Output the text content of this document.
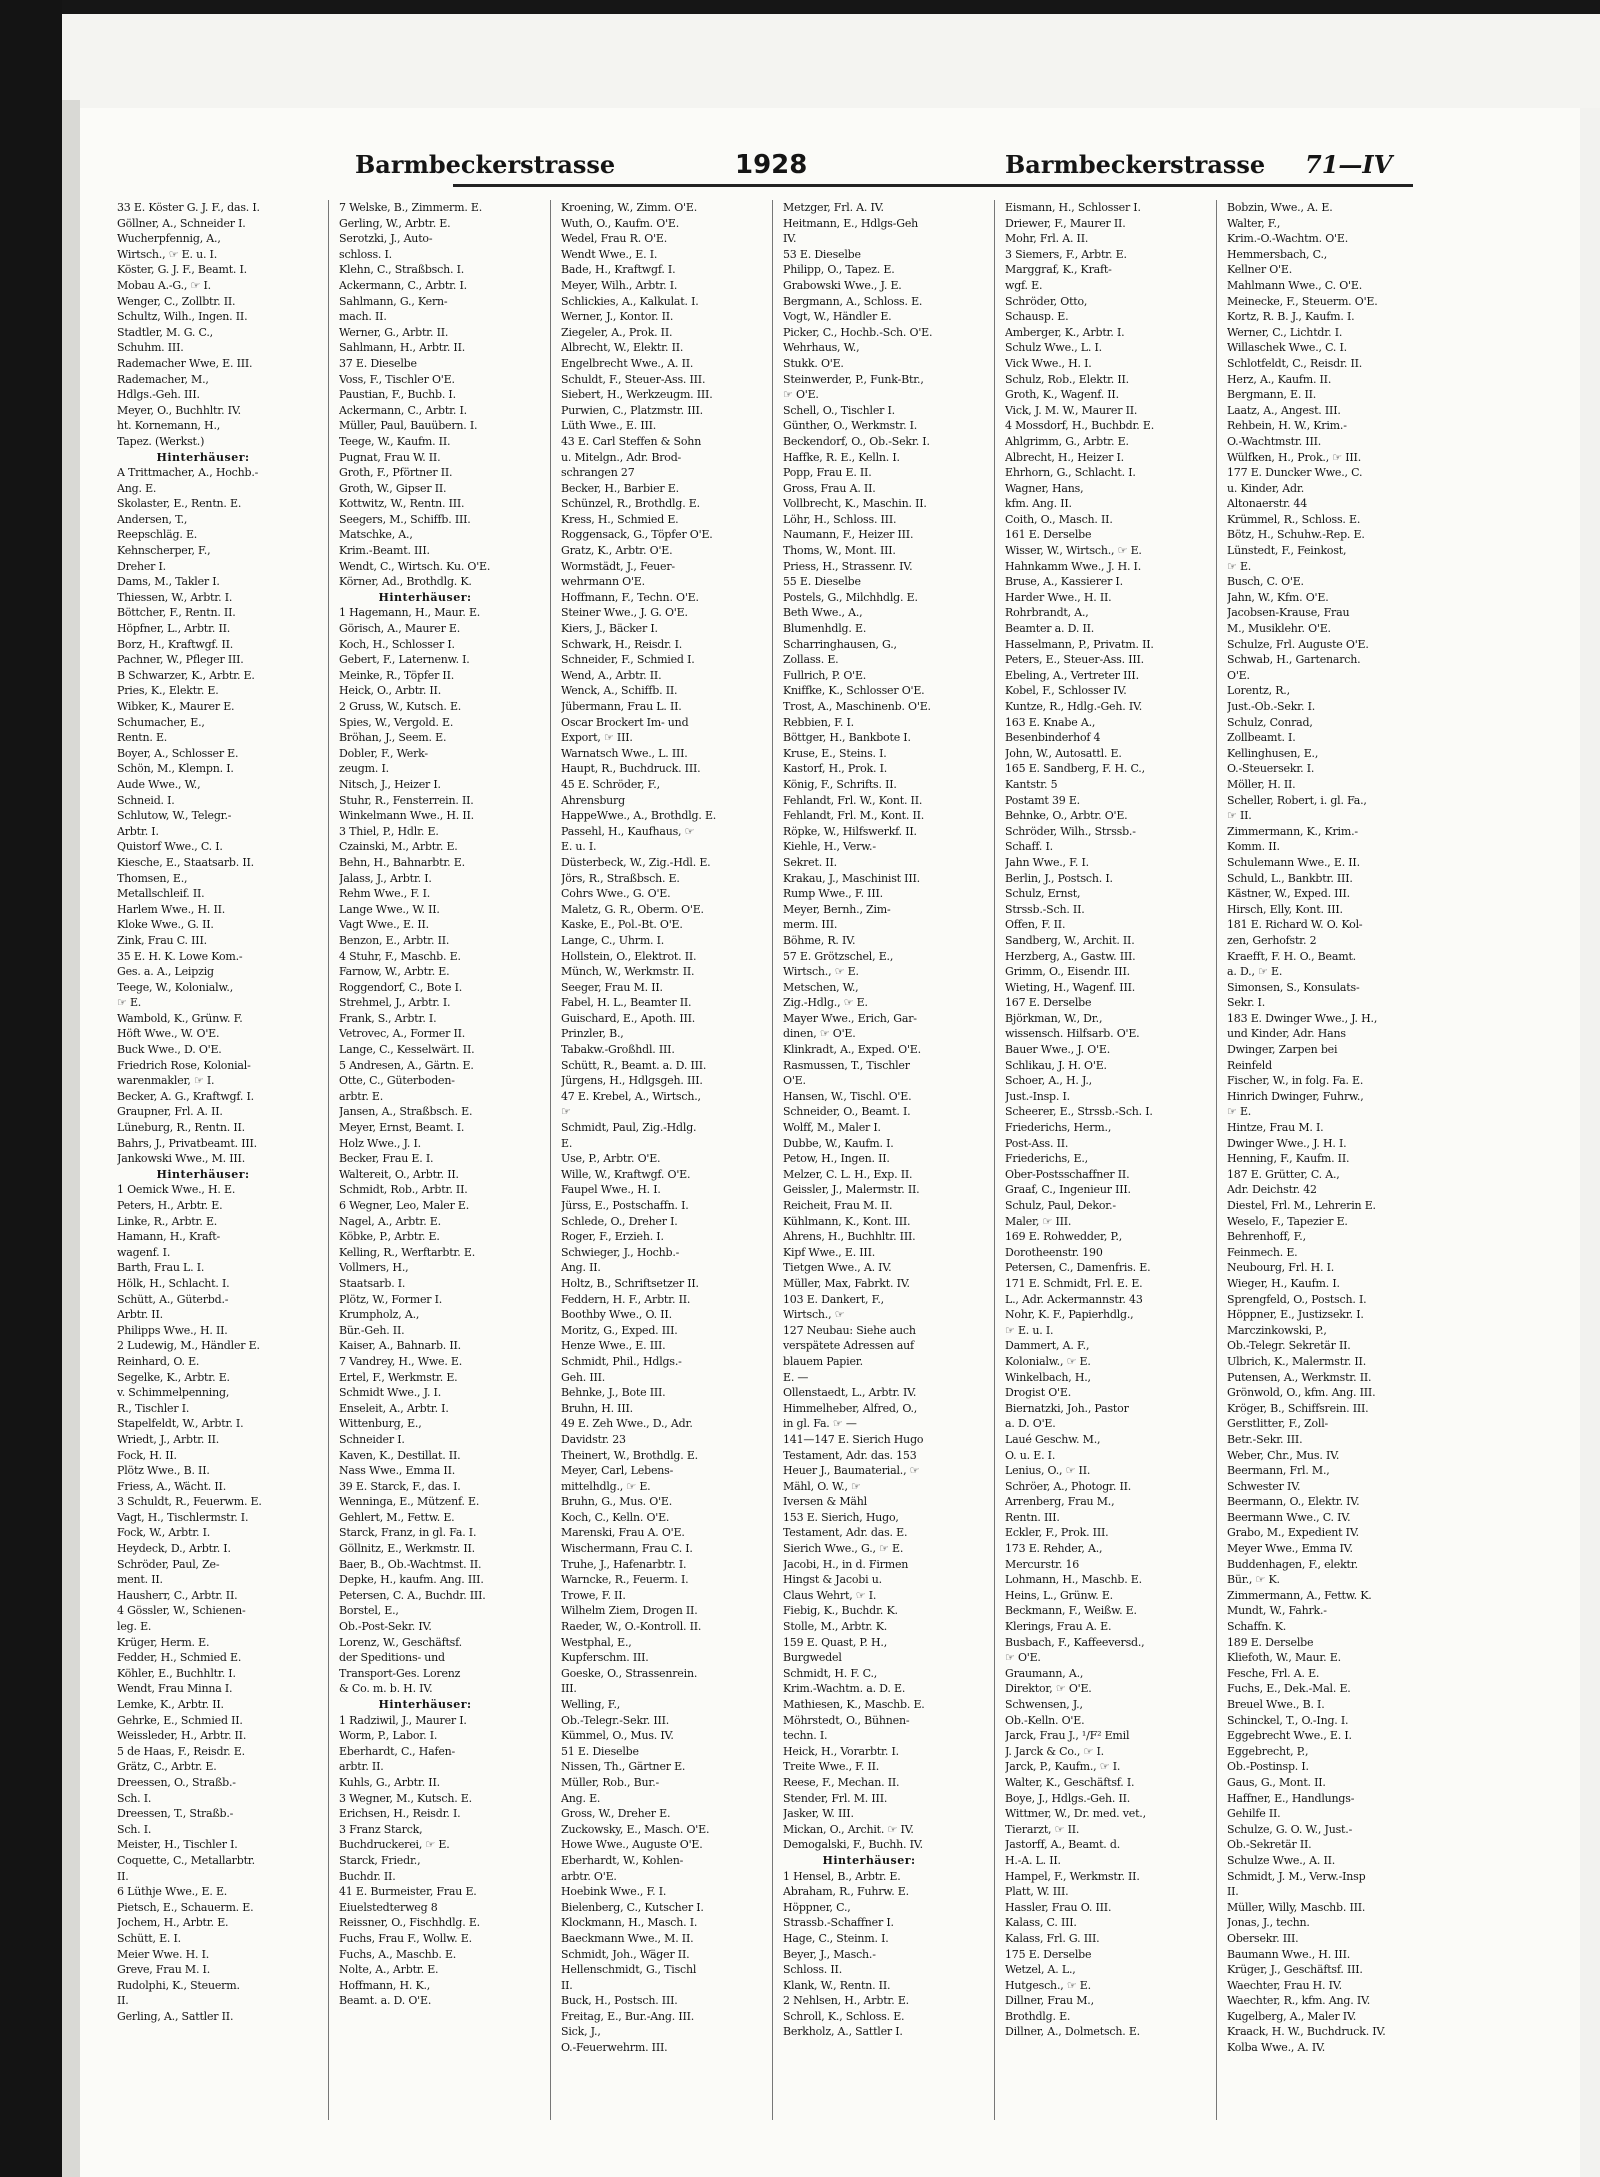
Barmbeckerstrasse	1928	Barmbeckerstrasse 71—IV
33 E. Köster G. J. F., das. I.
Göllner, A., Schneider I.
Wucherpfennig, A.,
Wirtsch., ☞ E. u. I.
Köster, G. J. F., Beamt. I.
Mobau A.-G., ☞ I.
Wenger, C., Zollbtr. II.
Schultz, Wilh., Ingen. II.
Stadtler, M. G. C.,
Schuhm. III.
Rademacher Wwe, E. III.
Rademacher, M.,
Hdlgs.-Geh. III.
Meyer, O., Buchhltr. IV.
ht. Kornemann, H.,
Tapez. (Werkst.)
Hinterhäuser:
A Trittmacher, A., Hochb.-
Ang. E.
Skolaster, E., Rentn. E.
Andersen, T.,
Reepschläg. E.
Kehnscherper, F.,
Dreher I.
Dams, M., Takler I.
Thiessen, W., Arbtr. I.
Böttcher, F., Rentn. II.
Höpfner, L., Arbtr. II.
Borz, H., Kraftwgf. II.
Pachner, W., Pfleger III.
B Schwarzer, K., Arbtr. E.
Pries, K., Elektr. E.
Wibker, K., Maurer E.
Schumacher, E.,
Rentn. E.
Boyer, A., Schlosser E.
Schön, M., Klempn. I.
Aude Wwe., W.,
Schneid. I.
Schlutow, W., Telegr.-
Arbtr. I.
Quistorf Wwe., C. I.
Kiesche, E., Staatsarb. II.
Thomsen, E.,
Metallschleif. II.
Harlem Wwe., H. II.
Kloke Wwe., G. II.
Zink, Frau C. III.
35 E. H. K. Lowe Kom.-
Ges. a. A., Leipzig
Teege, W., Kolonialw.,
☞ E.
Wambold, K., Grünw. F.
Höft Wwe., W. O'E.
Buck Wwe., D. O'E.
Friedrich Rose, Kolonial-
warenmakler, ☞ I.
Becker, A. G., Kraftwgf. I.
Graupner, Frl. A. II.
Lüneburg, R., Rentn. II.
Bahrs, J., Privatbeamt. III.
Jankowski Wwe., M. III.
Hinterhäuser:
1 Oemick Wwe., H. E.
Peters, H., Arbtr. E.
Linke, R., Arbtr. E.
Hamann, H., Kraft-
wagenf. I.
Barth, Frau L. I.
Hölk, H., Schlacht. I.
Schütt, A., Güterbd.-
Arbtr. II.
Philipps Wwe., H. II.
2 Ludewig, M., Händler E.
Reinhard, O. E.
Segelke, K., Arbtr. E.
v. Schimmelpenning,
R., Tischler I.
Stapelfeldt, W., Arbtr. I.
Wriedt, J., Arbtr. II.
Fock, H. II.
Plötz Wwe., B. II.
Friess, A., Wächt. II.
3 Schuldt, R., Feuerwm. E.
Vagt, H., Tischlermstr. I.
Fock, W., Arbtr. I.
Heydeck, D., Arbtr. I.
Schröder, Paul, Ze-
ment. II.
Hausherr, C., Arbtr. II.
4 Gössler, W., Schienen-
leg. E.
Krüger, Herm. E.
Fedder, H., Schmied E.
Köhler, E., Buchhltr. I.
Wendt, Frau Minna I.
Lemke, K., Arbtr. II.
Gehrke, E., Schmied II.
Weissleder, H., Arbtr. II.
5 de Haas, F., Reisdr. E.
Grätz, C., Arbtr. E.
Dreessen, O., Straßb.-
Sch. I.
Dreessen, T., Straßb.-
Sch. I.
Meister, H., Tischler I.
Coquette, C., Metallarbtr.
II.
6 Lüthje Wwe., E. E.
Pietsch, E., Schauerm. E.
Jochem, H., Arbtr. E.
Schütt, E. I.
Meier Wwe. H. I.
Greve, Frau M. I.
Rudolphi, K., Steuerm.
II.
Gerling, A., Sattler II.
7 Welske, B., Zimmerm. E.
Gerling, W., Arbtr. E.
Serotzki, J., Auto-
schloss. I.
Klehn, C., Straßbsch. I.
Ackermann, C., Arbtr. I.
Sahlmann, G., Kern-
mach. II.
Werner, G., Arbtr. II.
Sahlmann, H., Arbtr. II.
37 E. Dieselbe
Voss, F., Tischler O'E.
Paustian, F., Buchb. I.
Ackermann, C., Arbtr. I.
Müller, Paul, Bauübern. I.
Teege, W., Kaufm. II.
Pugnat, Frau W. II.
Groth, F., Pförtner II.
Groth, W., Gipser II.
Kottwitz, W., Rentn. III.
Seegers, M., Schiffb. III.
Matschke, A.,
Krim.-Beamt. III.
Wendt, C., Wirtsch. Ku. O'E.
Körner, Ad., Brothdlg. K.
Hinterhäuser:
1 Hagemann, H., Maur. E.
Görisch, A., Maurer E.
Koch, H., Schlosser I.
Gebert, F., Laternenw. I.
Meinke, R., Töpfer II.
Heick, O., Arbtr. II.
2 Gruss, W., Kutsch. E.
Spies, W., Vergold. E.
Bröhan, J., Seem. E.
Dobler, F., Werk-
zeugm. I.
Nitsch, J., Heizer I.
Stuhr, R., Fensterrein. II.
Winkelmann Wwe., H. II.
3 Thiel, P., Hdlr. E.
Czainski, M., Arbtr. E.
Behn, H., Bahnarbtr. E.
Jalass, J., Arbtr. I.
Rehm Wwe., F. I.
Lange Wwe., W. II.
Vagt Wwe., E. II.
Benzon, E., Arbtr. II.
4 Stuhr, F., Maschb. E.
Farnow, W., Arbtr. E.
Roggendorf, C., Bote I.
Strehmel, J., Arbtr. I.
Frank, S., Arbtr. I.
Vetrovec, A., Former II.
Lange, C., Kesselwärt. II.
5 Andresen, A., Gärtn. E.
Otte, C., Güterboden-
arbtr. E.
Jansen, A., Straßbsch. E.
Meyer, Ernst, Beamt. I.
Holz Wwe., J. I.
Becker, Frau E. I.
Waltereit, O., Arbtr. II.
Schmidt, Rob., Arbtr. II.
6 Wegner, Leo, Maler E.
Nagel, A., Arbtr. E.
Köbke, P., Arbtr. E.
Kelling, R., Werftarbtr. E.
Vollmers, H.,
Staatsarb. I.
Plötz, W., Former I.
Krumpholz, A.,
Bür.-Geh. II.
Kaiser, A., Bahnarb. II.
7 Vandrey, H., Wwe. E.
Ertel, F., Werkmstr. E.
Schmidt Wwe., J. I.
Enseleit, A., Arbtr. I.
Wittenburg, E.,
Schneider I.
Kaven, K., Destillat. II.
Nass Wwe., Emma II.
39 E. Starck, F., das. I.
Wenninga, E., Mützenf. E.
Gehlert, M., Fettw. E.
Starck, Franz, in gl. Fa. I.
Göllnitz, E., Werkmstr. II.
Baer, B., Ob.-Wachtmst. II.
Depke, H., kaufm. Ang. III.
Petersen, C. A., Buchdr. III.
Borstel, E.,
Ob.-Post-Sekr. IV.
Lorenz, W., Geschäftsf.
der Speditions- und
Transport-Ges. Lorenz
& Co. m. b. H. IV.
Hinterhäuser:
1 Radziwil, J., Maurer I.
Worm, P., Labor. I.
Eberhardt, C., Hafen-
arbtr. II.
Kuhls, G., Arbtr. II.
3 Wegner, M., Kutsch. E.
Erichsen, H., Reisdr. I.
3 Franz Starck,
Buchdruckerei, ☞ E.
Starck, Friedr.,
Buchdr. II.
41 E. Burmeister, Frau E.
Eiuelstedterweg 8
Reissner, O., Fischhdlg. E.
Fuchs, Frau F., Wollw. E.
Fuchs, A., Maschb. E.
Nolte, A., Arbtr. E.
Hoffmann, H. K.,
Beamt. a. D. O'E.
Kroening, W., Zimm. O'E.
Wuth, O., Kaufm. O'E.
Wedel, Frau R. O'E.
Wendt Wwe., E. I.
Bade, H., Kraftwgf. I.
Meyer, Wilh., Arbtr. I.
Schlickies, A., Kalkulat. I.
Werner, J., Kontor. II.
Ziegeler, A., Prok. II.
Albrecht, W., Elektr. II.
Engelbrecht Wwe., A. II.
Schuldt, F., Steuer-Ass. III.
Siebert, H., Werkzeugm. III.
Purwien, C., Platzmstr. III.
Lüth Wwe., E. III.
43 E. Carl Steffen & Sohn
u. Mitelgn., Adr. Brod-
schrangen 27
Becker, H., Barbier E.
Schünzel, R., Brothdlg. E.
Kress, H., Schmied E.
Roggensack, G., Töpfer O'E.
Gratz, K., Arbtr. O'E.
Wormstädt, J., Feuer-
wehrmann O'E.
Hoffmann, F., Techn. O'E.
Steiner Wwe., J. G. O'E.
Kiers, J., Bäcker I.
Schwark, H., Reisdr. I.
Schneider, F., Schmied I.
Wend, A., Arbtr. II.
Wenck, A., Schiffb. II.
Jübermann, Frau L. II.
Oscar Brockert Im- und
Export, ☞ III.
Warnatsch Wwe., L. III.
Haupt, R., Buchdruck. III.
45 E. Schröder, F.,
Ahrensburg
HappeWwe., A., Brothdlg. E.
Passehl, H., Kaufhaus, ☞
E. u. I.
Düsterbeck, W., Zig.-Hdl. E.
Jörs, R., Straßbsch. E.
Cohrs Wwe., G. O'E.
Maletz, G. R., Oberm. O'E.
Kaske, E., Pol.-Bt. O'E.
Lange, C., Uhrm. I.
Hollstein, O., Elektrot. II.
Münch, W., Werkmstr. II.
Seeger, Frau M. II.
Fabel, H. L., Beamter II.
Guischard, E., Apoth. III.
Prinzler, B.,
Tabakw.-Großhdl. III.
Schütt, R., Beamt. a. D. III.
Jürgens, H., Hdlgsgeh. III.
47 E. Krebel, A., Wirtsch.,
☞
Schmidt, Paul, Zig.-Hdlg.
E.
Use, P., Arbtr. O'E.
Wille, W., Kraftwgf. O'E.
Faupel Wwe., H. I.
Jürss, E., Postschaffn. I.
Schlede, O., Dreher I.
Roger, F., Erzieh. I.
Schwieger, J., Hochb.-
Ang. II.
Holtz, B., Schriftsetzer II.
Feddern, H. F., Arbtr. II.
Boothby Wwe., O. II.
Moritz, G., Exped. III.
Henze Wwe., E. III.
Schmidt, Phil., Hdlgs.-
Geh. III.
Behnke, J., Bote III.
Bruhn, H. III.
49 E. Zeh Wwe., D., Adr.
Davidstr. 23
Theinert, W., Brothdlg. E.
Meyer, Carl, Lebens-
mittelhdlg., ☞ E.
Bruhn, G., Mus. O'E.
Koch, C., Kelln. O'E.
Marenski, Frau A. O'E.
Wischermann, Frau C. I.
Truhe, J., Hafenarbtr. I.
Warncke, R., Feuerm. I.
Trowe, F. II.
Wilhelm Ziem, Drogen II.
Raeder, W., O.-Kontroll. II.
Westphal, E.,
Kupferschm. III.
Goeske, O., Strassenrein.
III.
Welling, F.,
Ob.-Telegr.-Sekr. III.
Kümmel, O., Mus. IV.
51 E. Dieselbe
Nissen, Th., Gärtner E.
Müller, Rob., Bur.-
Ang. E.
Gross, W., Dreher E.
Zuckowsky, E., Masch. O'E.
Howe Wwe., Auguste O'E.
Eberhardt, W., Kohlen-
arbtr. O'E.
Hoebink Wwe., F. I.
Bielenberg, C., Kutscher I.
Klockmann, H., Masch. I.
Baeckmann Wwe., M. II.
Schmidt, Joh., Wäger II.
Hellenschmidt, G., Tischl
II.
Buck, H., Postsch. III.
Freitag, E., Bur.-Ang. III.
Sick, J.,
O.-Feuerwehrm. III.
Metzger, Frl. A. IV.
Heitmann, E., Hdlgs-Geh
IV.
53 E. Dieselbe
Philipp, O., Tapez. E.
Grabowski Wwe., J. E.
Bergmann, A., Schloss. E.
Vogt, W., Händler E.
Picker, C., Hochb.-Sch. O'E.
Wehrhaus, W.,
Stukk. O'E.
Steinwerder, P., Funk-Btr.,
☞ O'E.
Schell, O., Tischler I.
Günther, O., Werkmstr. I.
Beckendorf, O., Ob.-Sekr. I.
Haffke, R. E., Kelln. I.
Popp, Frau E. II.
Gross, Frau A. II.
Vollbrecht, K., Maschin. II.
Löhr, H., Schloss. III.
Naumann, F., Heizer III.
Thoms, W., Mont. III.
Priess, H., Strassenr. IV.
55 E. Dieselbe
Postels, G., Milchhdlg. E.
Beth Wwe., A.,
Blumenhdlg. E.
Scharringhausen, G.,
Zollass. E.
Fullrich, P. O'E.
Kniffke, K., Schlosser O'E.
Trost, A., Maschinenb. O'E.
Rebbien, F. I.
Böttger, H., Bankbote I.
Kruse, E., Steins. I.
Kastorf, H., Prok. I.
König, F., Schrifts. II.
Fehlandt, Frl. W., Kont. II.
Fehlandt, Frl. M., Kont. II.
Röpke, W., Hilfswerkf. II.
Kiehle, H., Verw.-
Sekret. II.
Krakau, J., Maschinist III.
Rump Wwe., F. III.
Meyer, Bernh., Zim-
merm. III.
Böhme, R. IV.
57 E. Grötzschel, E.,
Wirtsch., ☞ E.
Metschen, W.,
Zig.-Hdlg., ☞ E.
Mayer Wwe., Erich, Gar-
dinen, ☞ O'E.
Klinkradt, A., Exped. O'E.
Rasmussen, T., Tischler
O'E.
Hansen, W., Tischl. O'E.
Schneider, O., Beamt. I.
Wolff, M., Maler I.
Dubbe, W., Kaufm. I.
Petow, H., Ingen. II.
Melzer, C. L. H., Exp. II.
Geissler, J., Malermstr. II.
Reicheit, Frau M. II.
Kühlmann, K., Kont. III.
Ahrens, H., Buchhltr. III.
Kipf Wwe., E. III.
Tietgen Wwe., A. IV.
Müller, Max, Fabrkt. IV.
103 E. Dankert, F.,
Wirtsch., ☞
127 Neubau: Siehe auch
verspätete Adressen auf
blauem Papier.
E. —
Ollenstaedt, L., Arbtr. IV.
Himmelheber, Alfred, O.,
in gl. Fa. ☞ —
141—147 E. Sierich Hugo
Testament, Adr. das. 153
Heuer J., Baumaterial., ☞
Mähl, O. W., ☞
Iversen & Mähl
153 E. Sierich, Hugo,
Testament, Adr. das. E.
Sierich Wwe., G., ☞ E.
Jacobi, H., in d. Firmen
Hingst & Jacobi u.
Claus Wehrt, ☞ I.
Fiebig, K., Buchdr. K.
Stolle, M., Arbtr. K.
159 E. Quast, P. H.,
Burgwedel
Schmidt, H. F. C.,
Krim.-Wachtm. a. D. E.
Mathiesen, K., Maschb. E.
Möhrstedt, O., Bühnen-
techn. I.
Heick, H., Vorarbtr. I.
Treite Wwe., F. II.
Reese, F., Mechan. II.
Stender, Frl. M. III.
Jasker, W. III.
Mickan, O., Archit. ☞ IV.
Demogalski, F., Buchh. IV.
Hinterhäuser:
1 Hensel, B., Arbtr. E.
Abraham, R., Fuhrw. E.
Höppner, C.,
Strassb.-Schaffner I.
Hage, C., Steinm. I.
Beyer, J., Masch.-
Schloss. II.
Klank, W., Rentn. II.
2 Nehlsen, H., Arbtr. E.
Schroll, K., Schloss. E.
Berkholz, A., Sattler I.
Eismann, H., Schlosser I.
Driewer, F., Maurer II.
Mohr, Frl. A. II.
3 Siemers, F., Arbtr. E.
Marggraf, K., Kraft-
wgf. E.
Schröder, Otto,
Schausp. E.
Amberger, K., Arbtr. I.
Schulz Wwe., L. I.
Vick Wwe., H. I.
Schulz, Rob., Elektr. II.
Groth, K., Wagenf. II.
Vick, J. M. W., Maurer II.
4 Mossdorf, H., Buchbdr. E.
Ahlgrimm, G., Arbtr. E.
Albrecht, H., Heizer I.
Ehrhorn, G., Schlacht. I.
Wagner, Hans,
kfm. Ang. II.
Coith, O., Masch. II.
161 E. Derselbe
Wisser, W., Wirtsch., ☞ E.
Hahnkamm Wwe., J. H. I.
Bruse, A., Kassierer I.
Harder Wwe., H. II.
Rohrbrandt, A.,
Beamter a. D. II.
Hasselmann, P., Privatm. II.
Peters, E., Steuer-Ass. III.
Ebeling, A., Vertreter III.
Kobel, F., Schlosser IV.
Kuntze, R., Hdlg.-Geh. IV.
163 E. Knabe A.,
Besenbinderhof 4
John, W., Autosattl. E.
165 E. Sandberg, F. H. C.,
Kantstr. 5
Postamt 39 E.
Behnke, O., Arbtr. O'E.
Schröder, Wilh., Strssb.-
Schaff. I.
Jahn Wwe., F. I.
Berlin, J., Postsch. I.
Schulz, Ernst,
Strssb.-Sch. II.
Offen, F. II.
Sandberg, W., Archit. II.
Herzberg, A., Gastw. III.
Grimm, O., Eisendr. III.
Wieting, H., Wagenf. III.
167 E. Derselbe
Björkman, W., Dr.,
wissensch. Hilfsarb. O'E.
Bauer Wwe., J. O'E.
Schlikau, J. H. O'E.
Schoer, A., H. J.,
Just.-Insp. I.
Scheerer, E., Strssb.-Sch. I.
Friederichs, Herm.,
Post-Ass. II.
Friederichs, E.,
Ober-Postsschaffner II.
Graaf, C., Ingenieur III.
Schulz, Paul, Dekor.-
Maler, ☞ III.
169 E. Rohwedder, P.,
Dorotheenstr. 190
Petersen, C., Damenfris. E.
171 E. Schmidt, Frl. E. E.
L., Adr. Ackermannstr. 43
Nohr, K. F., Papierhdlg.,
☞ E. u. I.
Dammert, A. F.,
Kolonialw., ☞ E.
Winkelbach, H.,
Drogist O'E.
Biernatzki, Joh., Pastor
a. D. O'E.
Laué Geschw. M.,
O. u. E. I.
Lenius, O., ☞ II.
Schröer, A., Photogr. II.
Arrenberg, Frau M.,
Rentn. III.
Eckler, F., Prok. III.
173 E. Rehder, A.,
Mercurstr. 16
Lohmann, H., Maschb. E.
Heins, L., Grünw. E.
Beckmann, F., Weißw. E.
Klerings, Frau A. E.
Busbach, F., Kaffeeversd.,
☞ O'E.
Graumann, A.,
Direktor, ☞ O'E.
Schwensen, J.,
Ob.-Kelln. O'E.
Jarck, Frau J., ¹/F² Emil
J. Jarck & Co., ☞ I.
Jarck, P., Kaufm., ☞ I.
Walter, K., Geschäftsf. I.
Boye, J., Hdlgs.-Geh. II.
Wittmer, W., Dr. med. vet.,
Tierarzt, ☞ II.
Jastorff, A., Beamt. d.
H.-A. L. II.
Hampel, F., Werkmstr. II.
Platt, W. III.
Hassler, Frau O. III.
Kalass, C. III.
Kalass, Frl. G. III.
175 E. Derselbe
Wetzel, A. L.,
Hutgesch., ☞ E.
Dillner, Frau M.,
Brothdlg. E.
Dillner, A., Dolmetsch. E.
Bobzin, Wwe., A. E.
Walter, F.,
Krim.-O.-Wachtm. O'E.
Hemmersbach, C.,
Kellner O'E.
Mahlmann Wwe., C. O'E.
Meinecke, F., Steuerm. O'E.
Kortz, R. B. J., Kaufm. I.
Werner, C., Lichtdr. I.
Willaschek Wwe., C. I.
Schlotfeldt, C., Reisdr. II.
Herz, A., Kaufm. II.
Bergmann, E. II.
Laatz, A., Angest. III.
Rehbein, H. W., Krim.-
O.-Wachtmstr. III.
Wülfken, H., Prok., ☞ III.
177 E. Duncker Wwe., C.
u. Kinder, Adr.
Altonaerstr. 44
Krümmel, R., Schloss. E.
Bötz, H., Schuhw.-Rep. E.
Lünstedt, F., Feinkost,
☞ E.
Busch, C. O'E.
Jahn, W., Kfm. O'E.
Jacobsen-Krause, Frau
M., Musiklehr. O'E.
Schulze, Frl. Auguste O'E.
Schwab, H., Gartenarch.
O'E.
Lorentz, R.,
Just.-Ob.-Sekr. I.
Schulz, Conrad,
Zollbeamt. I.
Kellinghusen, E.,
O.-Steuersekr. I.
Möller, H. II.
Scheller, Robert, i. gl. Fa.,
☞ II.
Zimmermann, K., Krim.-
Komm. II.
Schulemann Wwe., E. II.
Schuld, L., Bankbtr. III.
Kästner, W., Exped. III.
Hirsch, Elly, Kont. III.
181 E. Richard W. O. Kol-
zen, Gerhofstr. 2
Kraefft, F. H. O., Beamt.
a. D., ☞ E.
Simonsen, S., Konsulats-
Sekr. I.
183 E. Dwinger Wwe., J. H.,
und Kinder, Adr. Hans
Dwinger, Zarpen bei
Reinfeld
Fischer, W., in folg. Fa. E.
Hinrich Dwinger, Fuhrw.,
☞ E.
Hintze, Frau M. I.
Dwinger Wwe., J. H. I.
Henning, F., Kaufm. II.
187 E. Grütter, C. A.,
Adr. Deichstr. 42
Diestel, Frl. M., Lehrerin E.
Weselo, F., Tapezier E.
Behrenhoff, F.,
Feinmech. E.
Neubourg, Frl. H. I.
Wieger, H., Kaufm. I.
Sprengfeld, O., Postsch. I.
Höppner, E., Justizsekr. I.
Marczinkowski, P.,
Ob.-Telegr. Sekretär II.
Ulbrich, K., Malermstr. II.
Putensen, A., Werkmstr. II.
Grönwold, O., kfm. Ang. III.
Kröger, B., Schiffsrein. III.
Gerstlitter, F., Zoll-
Betr.-Sekr. III.
Weber, Chr., Mus. IV.
Beermann, Frl. M.,
Schwester IV.
Beermann, O., Elektr. IV.
Beermann Wwe., C. IV.
Grabo, M., Expedient IV.
Meyer Wwe., Emma IV.
Buddenhagen, F., elektr.
Bür., ☞ K.
Zimmermann, A., Fettw. K.
Mundt, W., Fahrk.-
Schaffn. K.
189 E. Derselbe
Kliefoth, W., Maur. E.
Fesche, Frl. A. E.
Fuchs, E., Dek.-Mal. E.
Breuel Wwe., B. I.
Schinckel, T., O.-Ing. I.
Eggebrecht Wwe., E. I.
Eggebrecht, P.,
Ob.-Postinsp. I.
Gaus, G., Mont. II.
Haffner, E., Handlungs-
Gehilfe II.
Schulze, G. O. W., Just.-
Ob.-Sekretär II.
Schulze Wwe., A. II.
Schmidt, J. M., Verw.-Insp
II.
Müller, Willy, Maschb. III.
Jonas, J., techn.
Obersekr. III.
Baumann Wwe., H. III.
Krüger, J., Geschäftsf. III.
Waechter, Frau H. IV.
Waechter, R., kfm. Ang. IV.
Kugelberg, A., Maler IV.
Kraack, H. W., Buchdruck. IV.
Kolba Wwe., A. IV.
